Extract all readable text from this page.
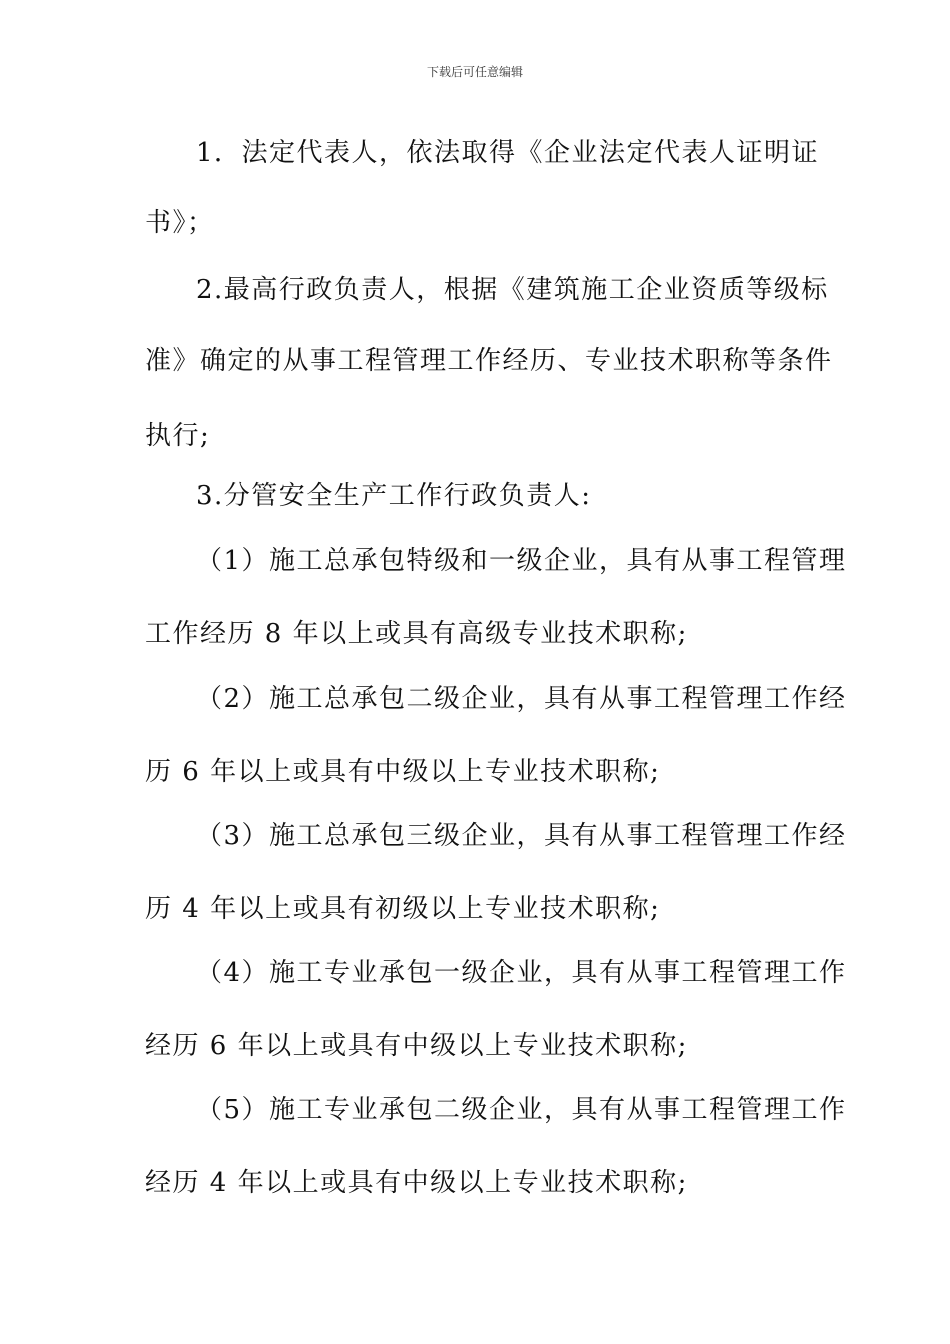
下载后可任意编辑
1．法定代表人，依法取得《企业法定代表人证明证
书》；
2.最高行政负责人，根据《建筑施工企业资质等级标
准》确定的从事工程管理工作经历、专业技术职称等条件
执行;
3.分管安全生产工作行政负责人:
（1）施工总承包特级和一级企业，具有从事工程管理
工作经历 8 年以上或具有高级专业技术职称;
（2）施工总承包二级企业，具有从事工程管理工作经
历 6 年以上或具有中级以上专业技术职称;
（3）施工总承包三级企业，具有从事工程管理工作经
历 4 年以上或具有初级以上专业技术职称;
（4）施工专业承包一级企业，具有从事工程管理工作
经历 6 年以上或具有中级以上专业技术职称;
（5）施工专业承包二级企业，具有从事工程管理工作
经历 4 年以上或具有中级以上专业技术职称;
